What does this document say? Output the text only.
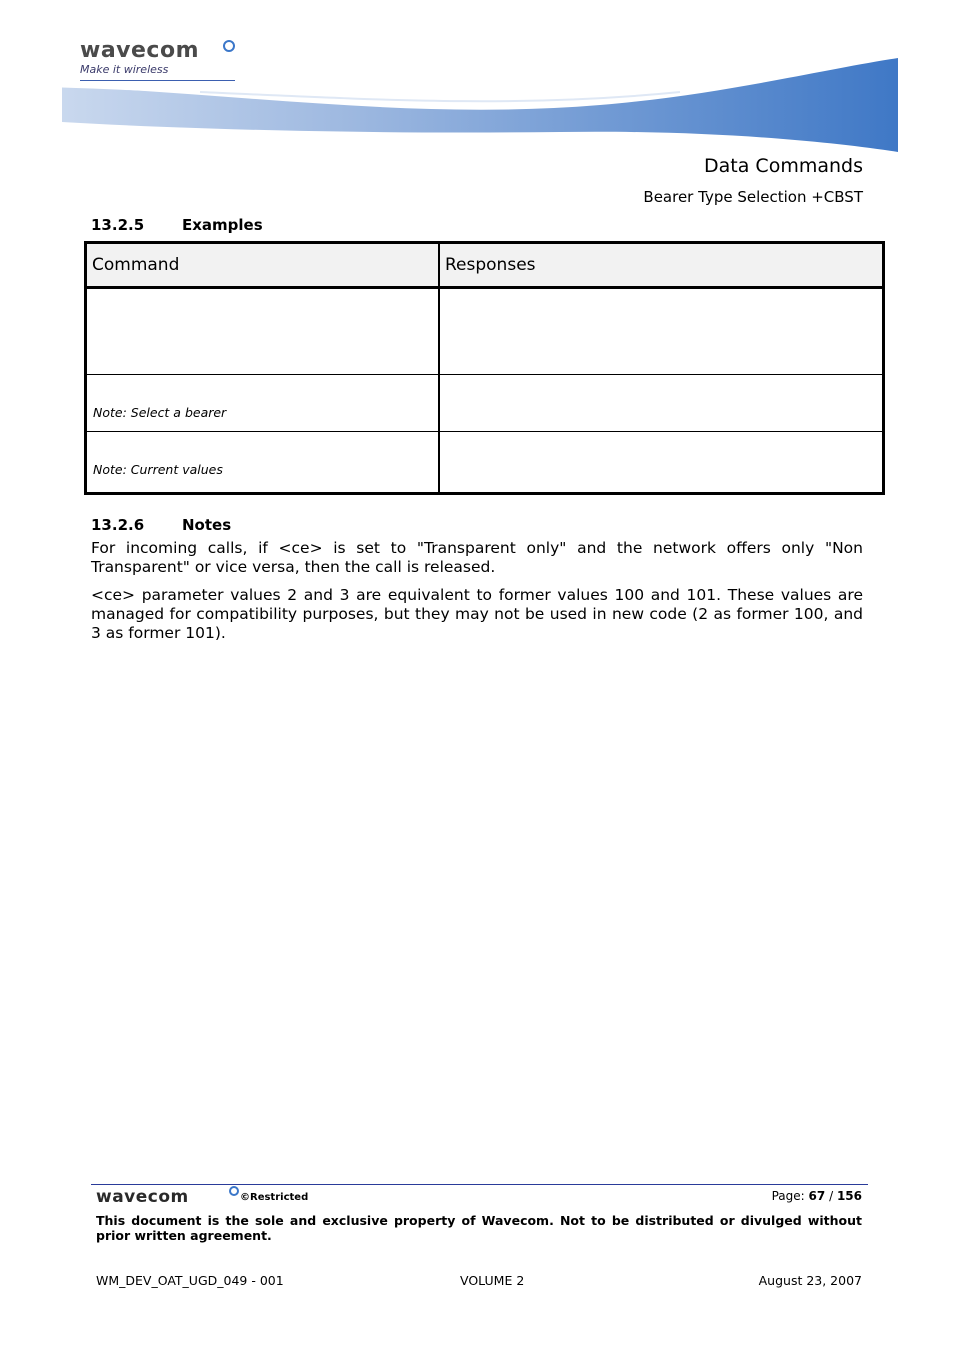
wavecom
Make it wireless
Data Commands
Bearer Type Selection +CBST
13.2.5	Examples
Command	Responses
Note: Select a bearer
Note: Current values
13.2.6	Notes

For incoming calls, if <ce> is set to "Transparent only" and the network offers only "Non Transparent" or vice versa, then the call is released.

<ce> parameter values 2 and 3 are equivalent to former values 100 and 101. These values are managed for compatibility purposes, but they may not be used in new code (2 as former 100, and 3 as former 101).

wavecom	©Restricted	Page: 67 / 156
This document is the sole and exclusive property of Wavecom. Not to be distributed or divulged without prior written agreement.
WM_DEV_OAT_UGD_049 - 001	VOLUME 2	August 23, 2007
